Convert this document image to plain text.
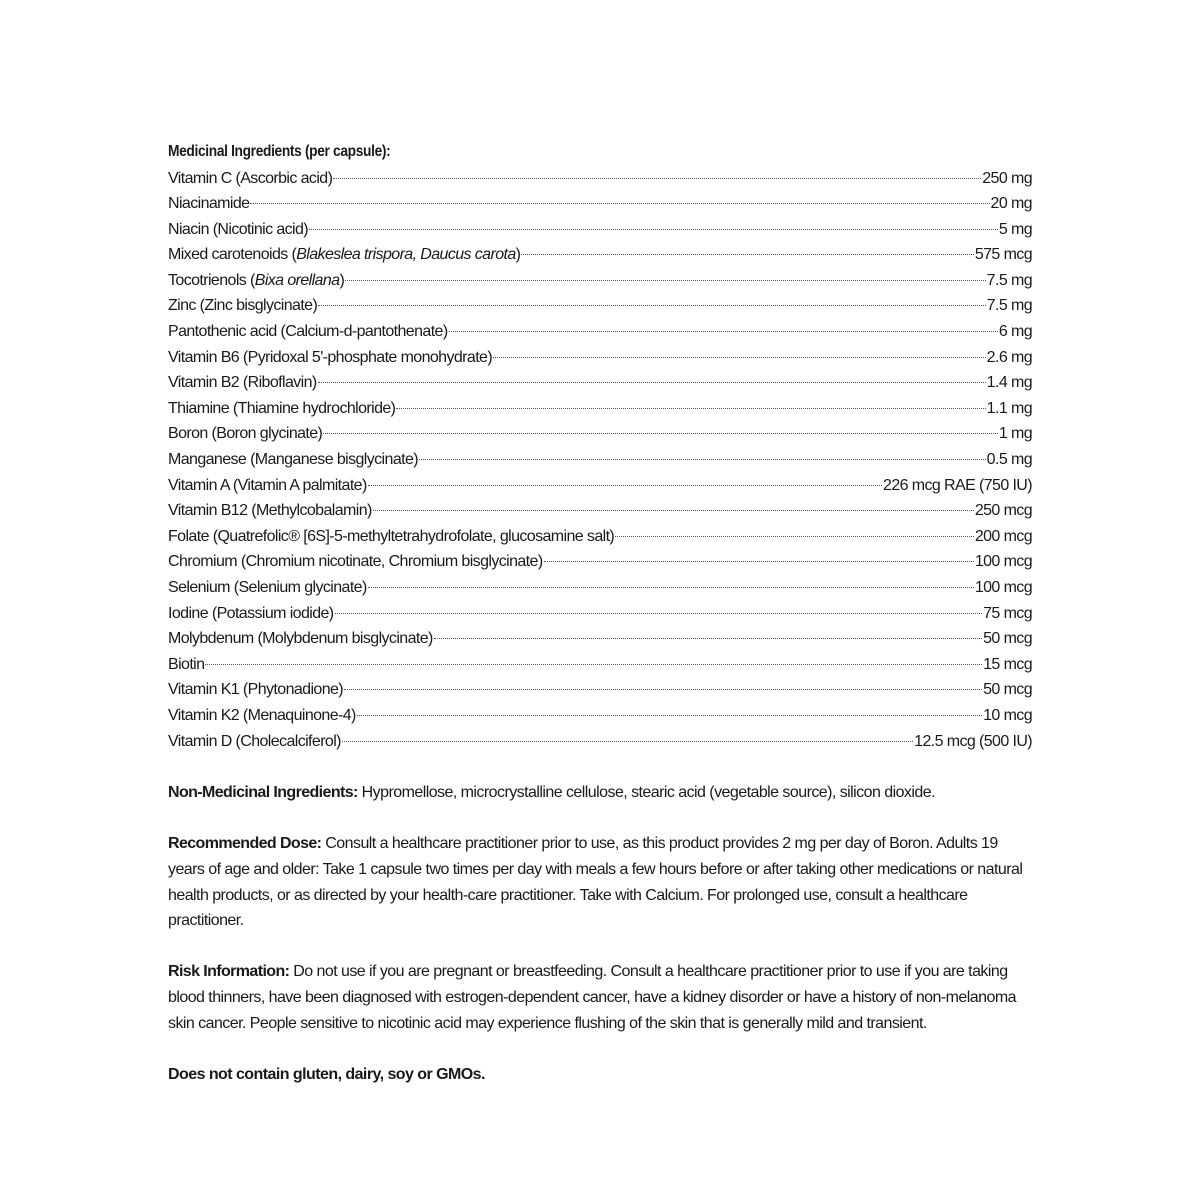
Medicinal Ingredients (per capsule):
Vitamin C (Ascorbic acid)	250 mg
Niacinamide	20 mg
Niacin (Nicotinic acid)	5 mg
Mixed carotenoids (Blakeslea trispora, Daucus carota)	575 mcg
Tocotrienols (Bixa orellana)	7.5 mg
Zinc (Zinc bisglycinate)	7.5 mg
Pantothenic acid (Calcium-d-pantothenate)	6 mg
Vitamin B6 (Pyridoxal 5'-phosphate monohydrate)	2.6 mg
Vitamin B2 (Riboflavin)	1.4 mg
Thiamine (Thiamine hydrochloride)	1.1 mg
Boron (Boron glycinate)	1 mg
Manganese (Manganese bisglycinate)	0.5 mg
Vitamin A (Vitamin A palmitate)	226 mcg RAE (750 IU)
Vitamin B12 (Methylcobalamin)	250 mcg
Folate (Quatrefolic® [6S]-5-methyltetrahydrofolate, glucosamine salt)	200 mcg
Chromium (Chromium nicotinate, Chromium bisglycinate)	100 mcg
Selenium (Selenium glycinate)	100 mcg
Iodine (Potassium iodide)	75 mcg
Molybdenum (Molybdenum bisglycinate)	50 mcg
Biotin	15 mcg
Vitamin K1 (Phytonadione)	50 mcg
Vitamin K2 (Menaquinone-4)	10 mcg
Vitamin D (Cholecalciferol)	12.5 mcg (500 IU)

Non-Medicinal Ingredients: Hypromellose, microcrystalline cellulose, stearic acid (vegetable source), silicon dioxide.

Recommended Dose: Consult a healthcare practitioner prior to use, as this product provides 2 mg per day of Boron. Adults 19 years of age and older: Take 1 capsule two times per day with meals a few hours before or after taking other medications or natural health products, or as directed by your health-care practitioner. Take with Calcium. For prolonged use, consult a healthcare practitioner.

Risk Information: Do not use if you are pregnant or breastfeeding. Consult a healthcare practitioner prior to use if you are taking blood thinners, have been diagnosed with estrogen-dependent cancer, have a kidney disorder or have a history of non-melanoma skin cancer. People sensitive to nicotinic acid may experience flushing of the skin that is generally mild and transient.

Does not contain gluten, dairy, soy or GMOs.
